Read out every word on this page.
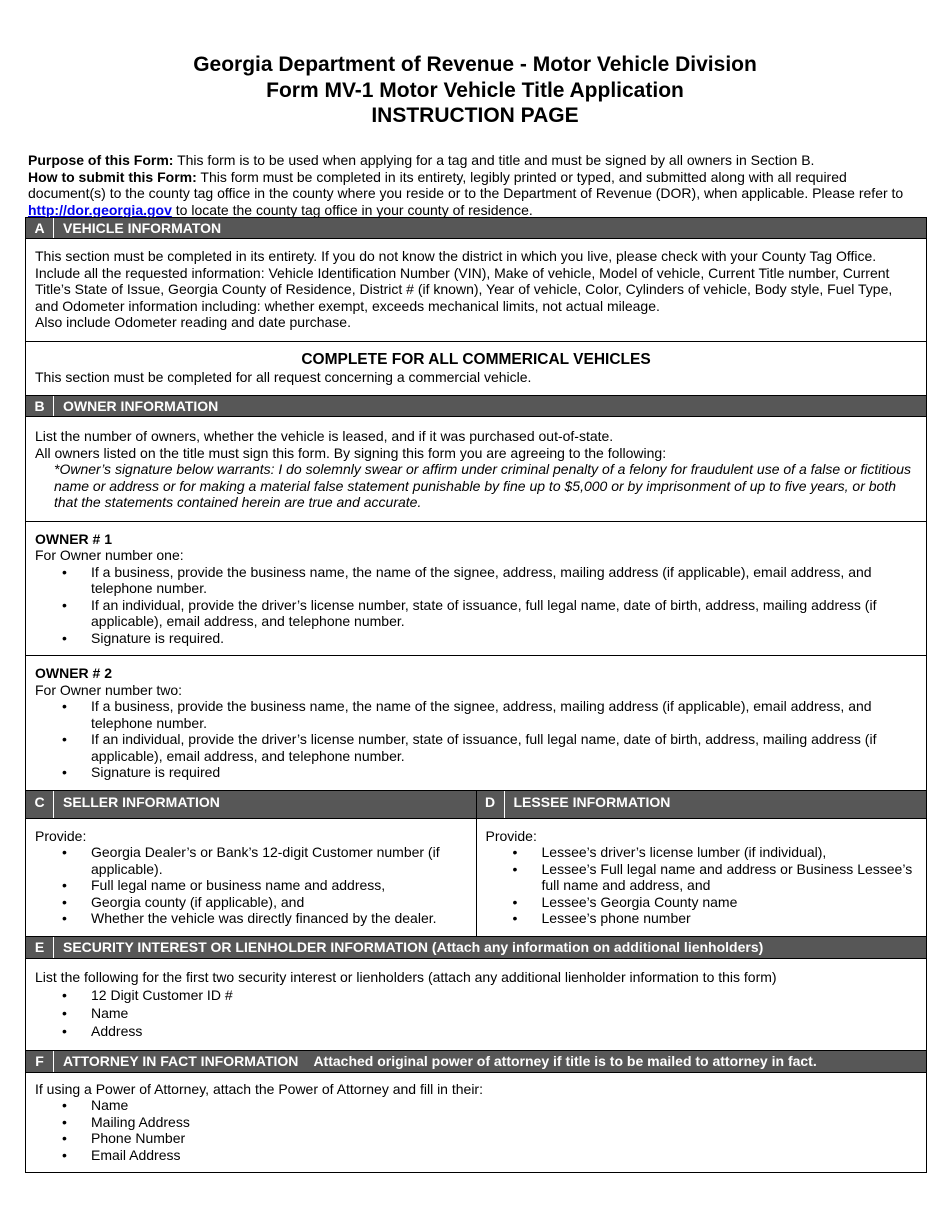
Georgia Department of Revenue - Motor Vehicle Division
Form MV-1 Motor Vehicle Title Application
INSTRUCTION PAGE

Purpose of this Form: This form is to be used when applying for a tag and title and must be signed by all owners in Section B.

How to submit this Form: This form must be completed in its entirety, legibly printed or typed, and submitted along with all required document(s) to the county tag office in the county where you reside or to the Department of Revenue (DOR), when applicable. Please refer to http://dor.georgia.gov to locate the county tag office in your county of residence.

A	VEHICLE INFORMATON

This section must be completed in its entirety. If you do not know the district in which you live, please check with your County Tag Office. Include all the requested information: Vehicle Identification Number (VIN), Make of vehicle, Model of vehicle, Current Title number, Current Title’s State of Issue, Georgia County of Residence, District # (if known), Year of vehicle, Color, Cylinders of vehicle, Body style, Fuel Type, and Odometer information including: whether exempt, exceeds mechanical limits, not actual mileage.

Also include Odometer reading and date purchase.

COMPLETE FOR ALL COMMERICAL VEHICLES

This section must be completed for all request concerning a commercial vehicle.

B	OWNER INFORMATION

List the number of owners, whether the vehicle is leased, and if it was purchased out-of-state.

All owners listed on the title must sign this form. By signing this form you are agreeing to the following:

*Owner’s signature below warrants: I do solemnly swear or affirm under criminal penalty of a felony for fraudulent use of a false or fictitious name or address or for making a material false statement punishable by fine up to $5,000 or by imprisonment of up to five years, or both that the statements contained herein are true and accurate.

OWNER # 1

For Owner number one:

• If a business, provide the business name, the name of the signee, address, mailing address (if applicable), email address, and telephone number.
• If an individual, provide the driver’s license number, state of issuance, full legal name, date of birth, address, mailing address (if applicable), email address, and telephone number.
• Signature is required.

OWNER # 2

For Owner number two:

• If a business, provide the business name, the name of the signee, address, mailing address (if applicable), email address, and telephone number.
• If an individual, provide the driver’s license number, state of issuance, full legal name, date of birth, address, mailing address (if applicable), email address, and telephone number.
• Signature is required
C	SELLER INFORMATION

Provide:

• Georgia Dealer’s or Bank’s 12-digit Customer number (if applicable).
• Full legal name or business name and address,
• Georgia county (if applicable), and
• Whether the vehicle was directly financed by the dealer.
D	LESSEE INFORMATION

Provide:

• Lessee’s driver’s license lumber (if individual),
• Lessee’s Full legal name and address or Business Lessee’s full name and address, and
• Lessee’s Georgia County name
• Lessee’s phone number
E	SECURITY INTEREST OR LIENHOLDER INFORMATION (Attach any information on additional lienholders)

List the following for the first two security interest or lienholders (attach any additional lienholder information to this form)

• 12 Digit Customer ID #
• Name
• Address
F	ATTORNEY IN FACT INFORMATION    Attached original power of attorney if title is to be mailed to attorney in fact.

If using a Power of Attorney, attach the Power of Attorney and fill in their:

• Name
• Mailing Address
• Phone Number
• Email Address
